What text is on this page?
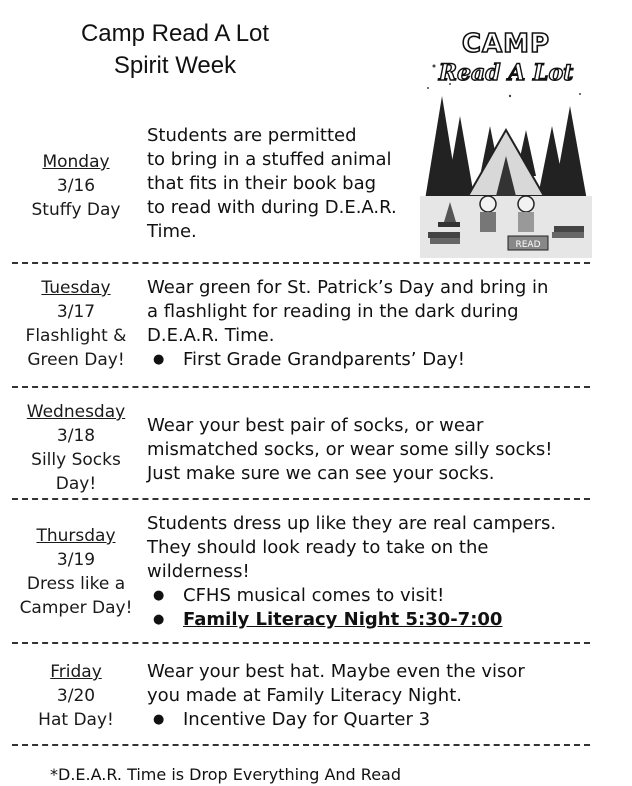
Camp Read A Lot
Spirit Week
READ
CAMP
Read A Lot
Monday
3/16
Stuffy Day

Students are permitted

to bring in a stuffed animal

that fits in their book bag

to read with during D.E.A.R.

Time.

Tuesday
3/17
Flashlight &
Green Day!

Wear green for St. Patrick’s Day and bring in

a flashlight for reading in the dark during

D.E.A.R. Time.

● First Grade Grandparents’ Day!
Wednesday
3/18
Silly Socks
Day!

Wear your best pair of socks, or wear

mismatched socks, or wear some silly socks!

Just make sure we can see your socks.

Thursday
3/19
Dress like a
Camper Day!

Students dress up like they are real campers.

They should look ready to take on the

wilderness!

● CFHS musical comes to visit!
● Family Literacy Night 5:30-7:00
Friday
3/20
Hat Day!

Wear your best hat. Maybe even the visor

you made at Family Literacy Night.

● Incentive Day for Quarter 3
*D.E.A.R. Time is Drop Everything And Read
